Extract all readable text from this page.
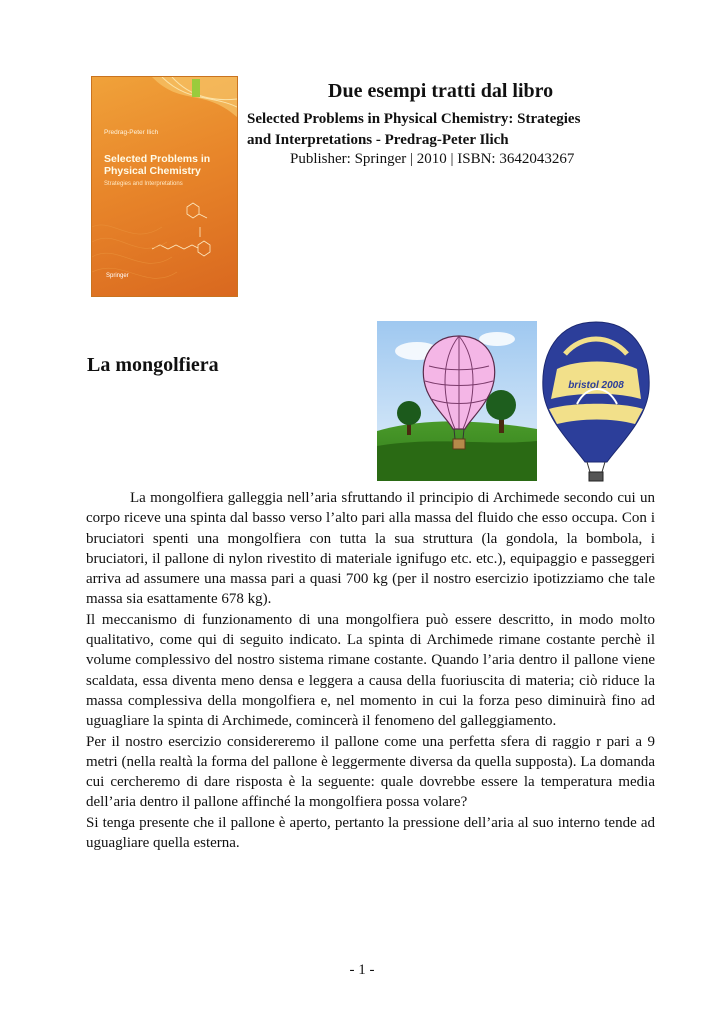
Predrag-Peter Ilich
Selected Problems in Physical Chemistry
Strategies and Interpretations
Springer
Due esempi tratti dal libro
Selected Problems in Physical Chemistry: Strategies
and Interpretations - Predrag-Peter Ilich
Publisher: Springer | 2010 | ISBN: 3642043267
La mongolfiera
bristol 2008

La mongolfiera galleggia nell’aria sfruttando il principio di Archimede secondo cui un corpo riceve una spinta dal basso verso l’alto pari alla massa del fluido che esso occupa. Con i bruciatori spenti una mongolfiera con tutta la sua struttura (la gondola, la bombola, i bruciatori, il pallone di nylon rivestito di materiale ignifugo etc. etc.), equipaggio e passeggeri arriva ad assumere una massa pari a quasi 700 kg (per il nostro esercizio ipotizziamo che tale massa sia esattamente 678 kg).

Il meccanismo di funzionamento di una mongolfiera può essere descritto, in modo molto qualitativo, come qui di seguito indicato. La spinta di Archimede rimane costante perchè il volume complessivo del nostro sistema rimane costante. Quando l’aria dentro il pallone viene scaldata, essa diventa meno densa e leggera a causa della fuoriuscita di materia; ciò riduce la massa complessiva della mongolfiera e, nel momento in cui la forza peso diminuirà fino ad uguagliare la spinta di Archimede, comincerà il fenomeno del galleggiamento.

Per il nostro esercizio considereremo il pallone come una perfetta sfera di raggio r pari a 9 metri (nella realtà la forma del pallone è leggermente diversa da quella supposta). La domanda cui cercheremo di dare risposta è la seguente: quale dovrebbe essere la temperatura media dell’aria dentro il pallone affinché la mongolfiera possa volare?

Si tenga presente che il pallone è aperto, pertanto la pressione dell’aria al suo interno tende ad uguagliare quella esterna.

- 1 -
